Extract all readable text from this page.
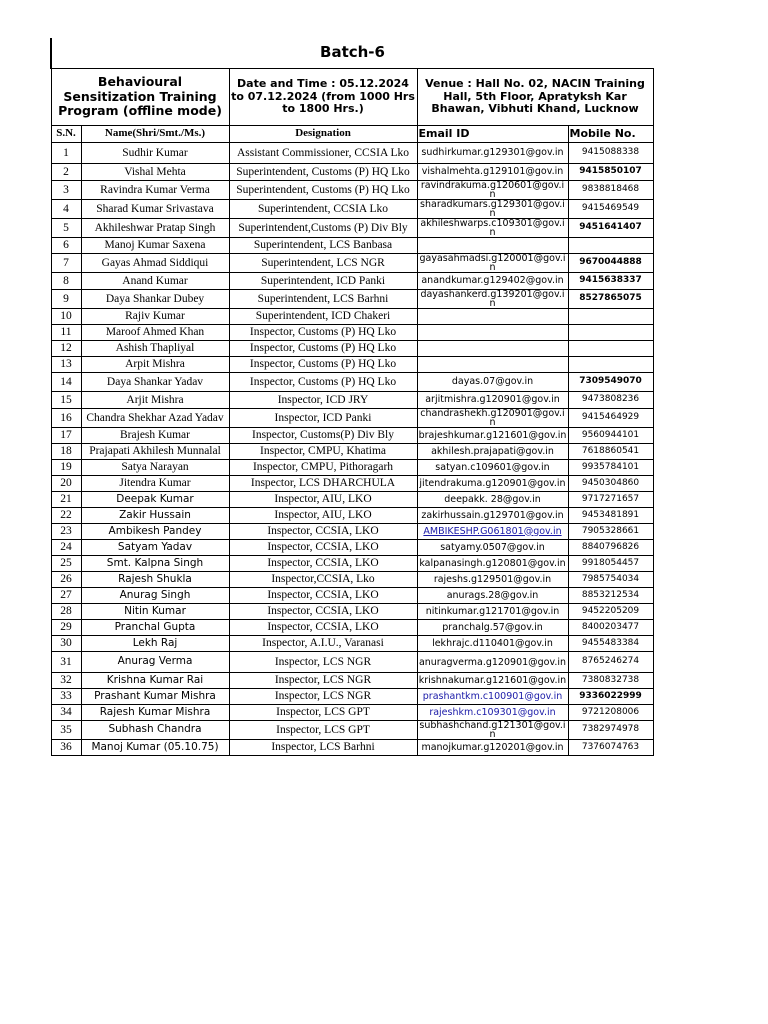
Batch-6				
Behavioural Sensitization Training Program (offline mode)		Date and Time : 05.12.2024 to 07.12.2024 (from 1000 Hrs to 1800 Hrs.)	Venue : Hall No. 02, NACIN Training Hall, 5th Floor, Apratyksh Kar Bhawan, Vibhuti Khand, Lucknow	
S.N.	Name(Shri/Smt./Ms.)	Designation	Email ID	Mobile No.
1	Sudhir Kumar	Assistant Commissioner, CCSIA Lko	sudhirkumar.g129301@gov.in	9415088338
2	Vishal Mehta	Superintendent, Customs (P) HQ Lko	vishalmehta.g129101@gov.in	9415850107
3	Ravindra Kumar Verma	Superintendent, Customs (P) HQ Lko	ravindrakuma.g120601@gov.in	9838818468
4	Sharad Kumar Srivastava	Superintendent, CCSIA Lko	sharadkumars.g129301@gov.in	9415469549
5	Akhileshwar Pratap Singh	Superintendent,Customs (P) Div Bly	akhileshwarps.c109301@gov.in	9451641407
6	Manoj Kumar Saxena	Superintendent, LCS Banbasa		
7	Gayas Ahmad Siddiqui	Superintendent, LCS NGR	gayasahmadsi.g120001@gov.in	9670044888
8	Anand Kumar	Superintendent, ICD Panki	anandkumar.g129402@gov.in	9415638337
9	Daya Shankar Dubey	Superintendent, LCS Barhni	dayashankerd.g139201@gov.in	8527865075
10	Rajiv Kumar	Superintendent, ICD Chakeri		
11	Maroof Ahmed Khan	Inspector, Customs (P) HQ Lko		
12	Ashish Thapliyal	Inspector, Customs (P) HQ Lko		
13	Arpit Mishra	Inspector, Customs (P) HQ Lko		
14	Daya Shankar Yadav	Inspector, Customs (P) HQ Lko	dayas.07@gov.in	7309549070
15	Arjit Mishra	Inspector, ICD JRY	arjitmishra.g120901@gov.in	9473808236
16	Chandra Shekhar Azad Yadav	Inspector, ICD Panki	chandrashekh.g120901@gov.in	9415464929
17	Brajesh Kumar	Inspector, Customs(P) Div Bly	brajeshkumar.g121601@gov.in	9560944101
18	Prajapati Akhilesh Munnalal	Inspector, CMPU, Khatima	akhilesh.prajapati@gov.in	7618860541
19	Satya Narayan	Inspector, CMPU, Pithoragarh	satyan.c109601@gov.in	9935784101
20	Jitendra Kumar	Inspector, LCS DHARCHULA	jitendrakuma.g120901@gov.in	9450304860
21	Deepak Kumar	Inspector, AIU, LKO	deepakk. 28@gov.in	9717271657
22	Zakir Hussain	Inspector, AIU, LKO	zakirhussain.g129701@gov.in	9453481891
23	Ambikesh Pandey	Inspector, CCSIA, LKO	AMBIKESHP.G061801@gov.in	7905328661
24	Satyam Yadav	Inspector, CCSIA, LKO	satyamy.0507@gov.in	8840796826
25	Smt. Kalpna Singh	Inspector, CCSIA, LKO	kalpanasingh.g120801@gov.in	9918054457
26	Rajesh Shukla	Inspector,CCSIA, Lko	rajeshs.g129501@gov.in	7985754034
27	Anurag Singh	Inspector, CCSIA, LKO	anurags.28@gov.in	8853212534
28	Nitin Kumar	Inspector, CCSIA, LKO	nitinkumar.g121701@gov.in	9452205209
29	Pranchal Gupta	Inspector, CCSIA, LKO	pranchalg.57@gov.in	8400203477
30	Lekh Raj	Inspector, A.I.U., Varanasi	lekhrajc.d110401@gov.in	9455483384
31	Anurag Verma	Inspector, LCS NGR	anuragverma.g120901@gov.in	8765246274
32	Krishna Kumar Rai	Inspector, LCS NGR	krishnakumar.g121601@gov.in	7380832738
33	Prashant Kumar Mishra	Inspector, LCS NGR	prashantkm.c100901@gov.in	9336022999
34	Rajesh Kumar Mishra	Inspector, LCS GPT	rajeshkm.c109301@gov.in	9721208006
35	Subhash Chandra	Inspector, LCS GPT	subhashchand.g121301@gov.in	7382974978
36	Manoj Kumar (05.10.75)	Inspector, LCS Barhni	manojkumar.g120201@gov.in	7376074763
